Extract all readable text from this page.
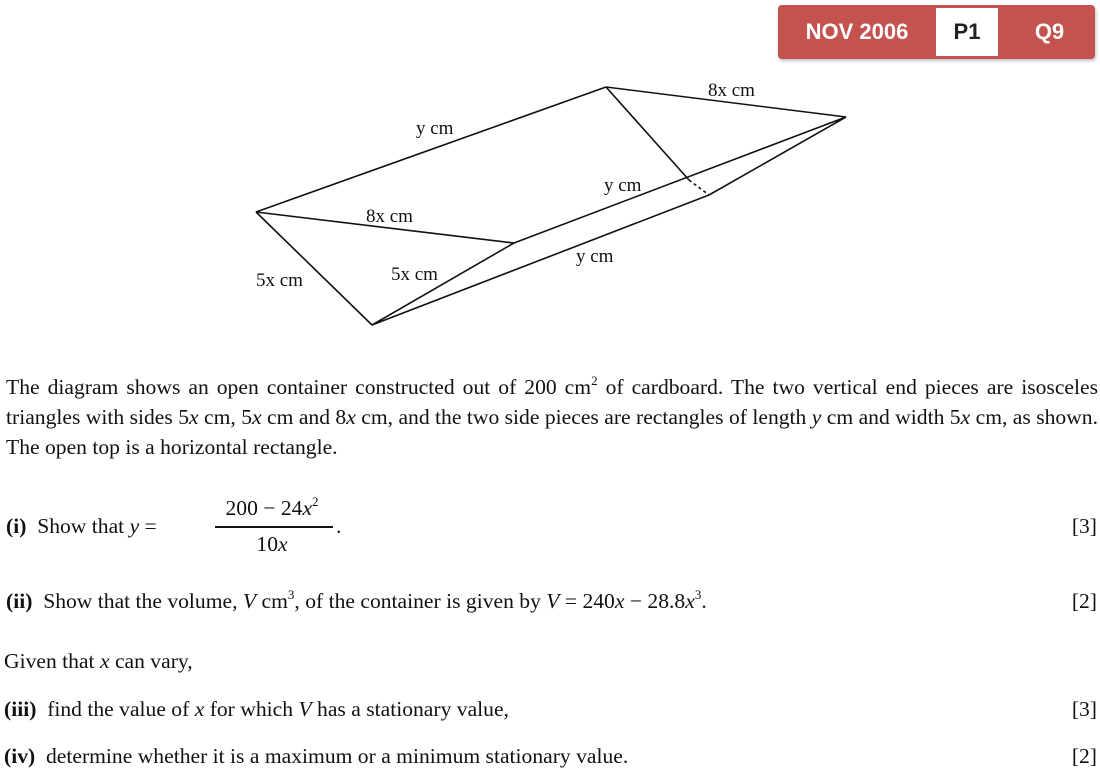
NOV 2006	P1	Q9
8x cm
y cm
y cm
8x cm
y cm
5x cm	5x cm
The diagram shows an open container constructed out of 200 $cm^2$ of cardboard. The two vertical end pieces are isosceles triangles with sides 5x cm, 5x cm and 8x cm, and the two side pieces are rectangles of length y cm and width 5x cm, as shown. The open top is a horizontal rectangle.
(i) Show that y =
$200 - 24x^2$
10x
.	[3]
(ii) Show that the volume, V $cm^3$, of the container is given by $V = 240x - 28.8x^3$.	[2]
Given that x can vary,
(iii) find the value of x for which V has a stationary value,	[3]
(iv) determine whether it is a maximum or a minimum stationary value.	[2]
